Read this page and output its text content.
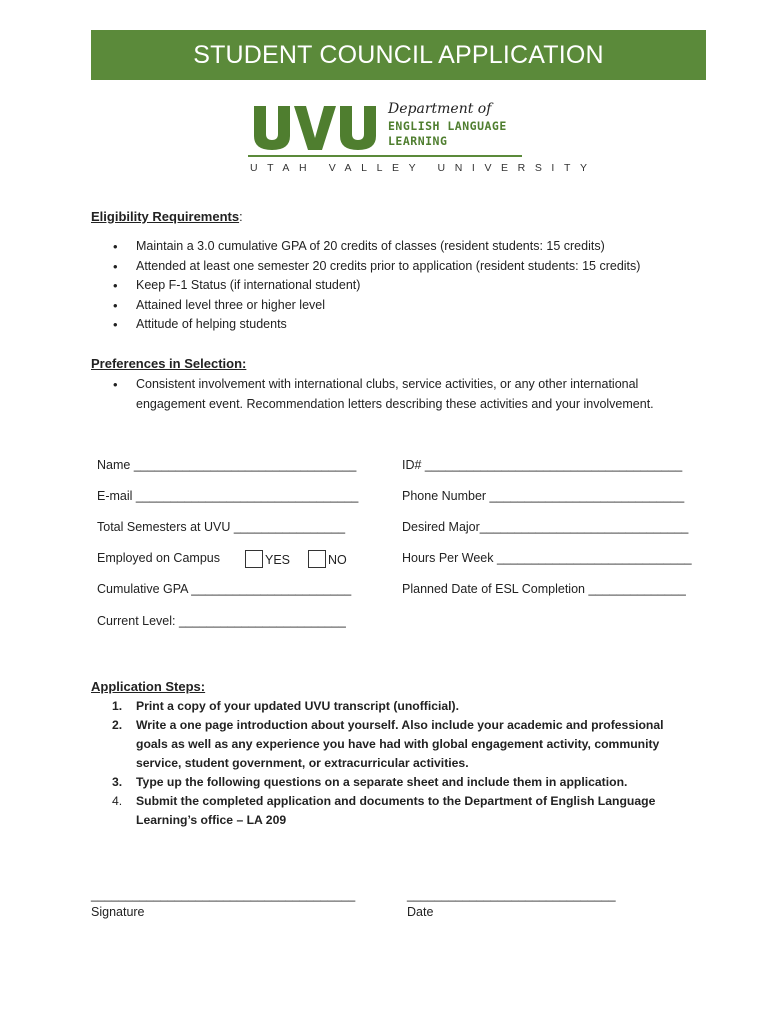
STUDENT COUNCIL APPLICATION
Department of
ENGLISH LANGUAGE
LEARNING
UTAH VALLEY UNIVERSITY
Eligibility Requirements:
• Maintain a 3.0 cumulative GPA of 20 credits of classes (resident students: 15 credits)
• Attended at least one semester 20 credits prior to application (resident students: 15 credits)
• Keep F-1 Status (if international student)
• Attained level three or higher level
• Attitude of helping students
Preferences in Selection:
• Consistent involvement with international clubs, service activities, or any other international engagement event. Recommendation letters describing these activities and your involvement.
Name ________________________________	ID# _____________________________________
E-mail ________________________________	Phone Number ____________________________
Total Semesters at UVU ________________	Desired Major______________________________
Employed on Campus	YES	NO	Hours Per Week ____________________________
Cumulative GPA _______________________	Planned Date of ESL Completion ______________
Current Level: ________________________
Application Steps:
1. Print a copy of your updated UVU transcript (unofficial).
2. Write a one page introduction about yourself. Also include your academic and professional goals as well as any experience you have had with global engagement activity, community service, student government, or extracurricular activities.
3. Type up the following questions on a separate sheet and include them in application.
4. Submit the completed application and documents to the Department of English Language Learning’s office – LA 209
______________________________________
Signature
______________________________
Date
